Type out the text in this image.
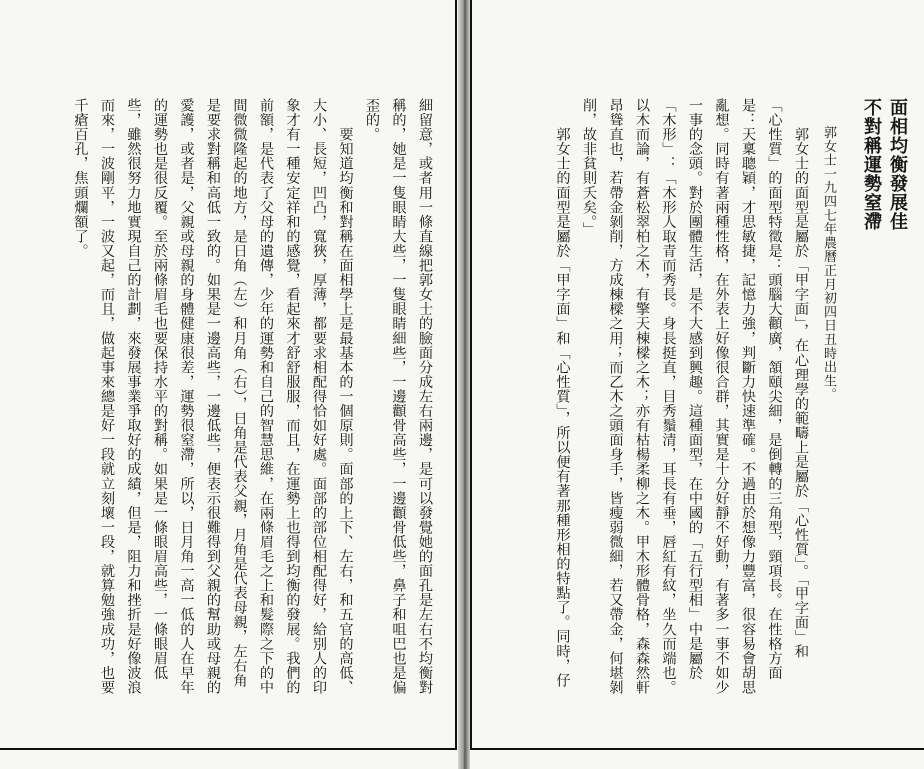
細留意，或者用一條直線把郭女士的臉面分成左右兩邊，是可以發覺她的面孔是左右不均衡對

稱的，她是一隻眼睛大些，一隻眼睛細些，一邊顴骨高些，一邊顴骨低些，鼻子和咀巴也是偏

歪的。

　　要知道均衡和對稱在面相學上是最基本的一個原則。面部的上下、左右，和五官的高低、

大小、長短，凹凸，寬狹，厚薄，都要求相配得恰如好處。面部的部位相配得好，給別人的印

象才有一種安定祥和的感覺，看起來才舒舒服服，而且，在運勢上也得到均衡的發展。我們的

前額，是代表了父母的遺傳，少年的運勢和自己的智慧思維，在兩條眉毛之上和髮際之下的中

間微微隆起的地方，是日角（左）和月角（右），日角是代表父親，月角是代表母親，左右角

是要求對稱和高低一致的。如果是一邊高些，一邊低些，便表示很難得到父親的幫助或母親的

愛護，或者是，父親或母親的身體健康很差，運勢很窒滯，所以，日月角一高一低的人在早年

的運勢也是很反覆。至於兩條眉毛也要保持水平的對稱。如果是一條眼眉高些，一條眼眉低

些，雖然很努力地實現自己的計劃，來發展事業爭取好的成績，但是，阻力和挫折是好像波浪

而來，一波剛平，一波又起，而且，做起事來總是好一段就立刻壞一段，就算勉強成功，也要

千瘡百孔，焦頭爛額了。	面相均衡發展佳

不對稱運勢窒滯

　　郭女士一九四七年農曆正月初四日丑時出生。

　　郭女士的面型是屬於「甲字面」，在心理學的範疇上是屬於「心性質」。「甲字面」和

「心性質」的面型特徵是：頭腦大顴廣，頷頤尖細，是倒轉的三角型，頸項長。在性格方面

是：天稟聰穎，才思敏捷，記憶力強，判斷力快速準確。不過由於想像力豐富，很容易會胡思

亂想。同時有著兩種性格，在外表上好像很合群，其實是十分好靜不好動，有著多一事不如少

一事的念頭。對於團體生活，是不大感到興趣。這種面型，在中國的「五行型相」中是屬於

「木形」：「木形人取青而秀長。身長挺直，目秀鬚清，耳長有垂，唇紅有紋，坐久而端也。

以木而論，有蒼松翠柏之木，有擎天棟樑之木；亦有枯楊柔柳之木。甲木形體骨格，森森然軒

昂聳直也，若帶金剝削，方成棟樑之用；而乙木之頭面身手，皆瘦弱微細，若又帶金，何堪剝

削，故非貧則夭矣。」

　　郭女士的面型是屬於「甲字面」和「心性質」，所以便有著那種形相的特點了。同時，仔
